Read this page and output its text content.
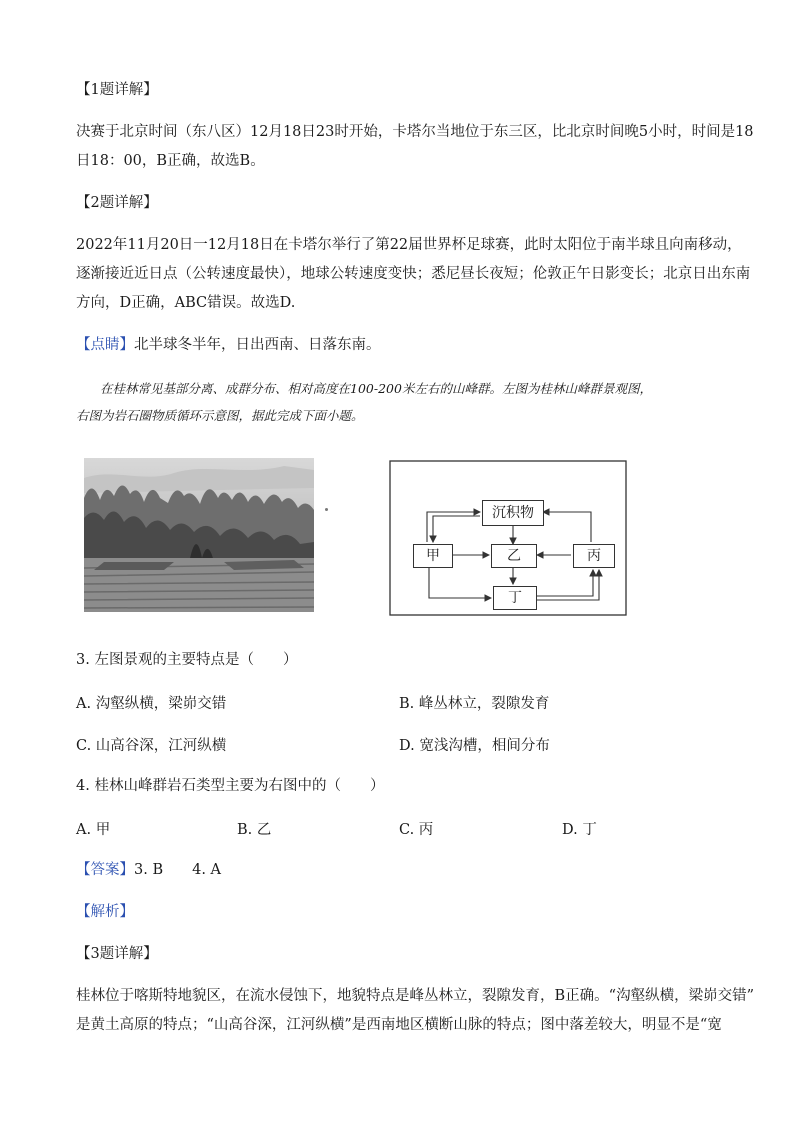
【1题详解】
决赛于北京时间（东八区）12月18日23时开始，卡塔尔当地位于东三区，比北京时间晚5小时，时间是18
日18：00，B正确，故选B。
【2题详解】
2022年11月20日一12月18日在卡塔尔举行了第22届世界杯足球赛，此时太阳位于南半球且向南移动，
逐渐接近近日点（公转速度最快），地球公转速度变快；悉尼昼长夜短；伦敦正午日影变长；北京日出东南
方向，D正确，ABC错误。故选D.
【点睛】北半球冬半年，日出西南、日落东南。
在桂林常见基部分离、成群分布、相对高度在100-200米左右的山峰群。左图为桂林山峰群景观图，
右图为岩石圈物质循环示意图，据此完成下面小题。
沉积物
甲	乙	丙
丁
3. 左图景观的主要特点是（　　）
A. 沟壑纵横，梁峁交错	B. 峰丛林立，裂隙发育
C. 山高谷深，江河纵横	D. 宽浅沟槽，相间分布
4. 桂林山峰群岩石类型主要为右图中的（　　）
A. 甲	B. 乙	C. 丙	D. 丁
【答案】3. B　　4. A
【解析】
【3题详解】
桂林位于喀斯特地貌区，在流水侵蚀下，地貌特点是峰丛林立，裂隙发育，B正确。“沟壑纵横，梁峁交错”
是黄土高原的特点；“山高谷深，江河纵横”是西南地区横断山脉的特点；图中落差较大，明显不是“宽
